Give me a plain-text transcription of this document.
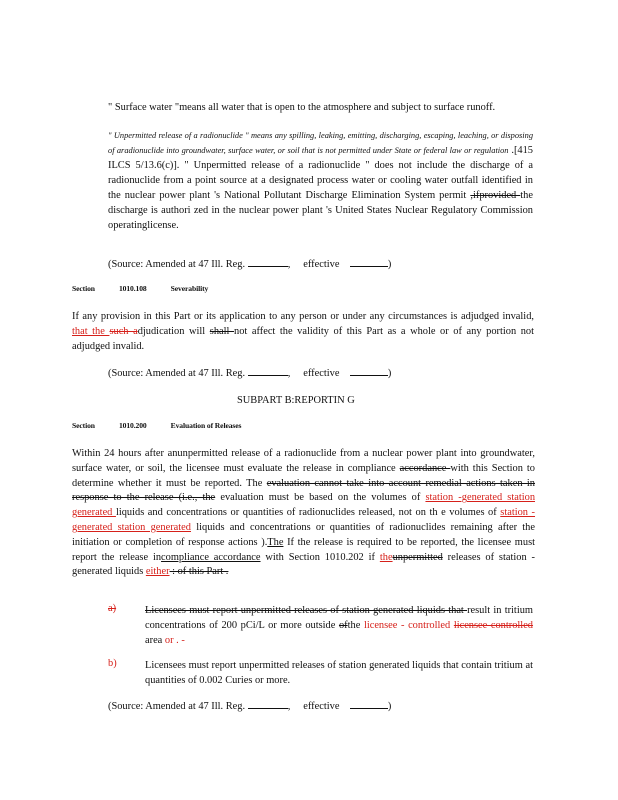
" Surface water "means all water that is open to the atmosphere and subject to surface runoff.
" Unpermitted release of a radionuclide " means any spilling, leaking, emitting, discharging, escaping, leaching, or disposing of aradionuclide into groundwater, surface water, or soil that is not permitted under State or federal law or regulation .[415 ILCS 5/13.6(c)]. " Unpermitted release of a radionuclide " does not include the discharge of a radionuclide from a point source at a designated process water or cooling water outfall identified in the nuclear power plant 's National Pollutant Discharge Elimination System permit ,ifprovided the discharge is authori zed in the nuclear power plant 's United States Nuclear Regulatory Commission operatinglicense.
(Source: Amended at 47 Ill. Reg.	,     effective	)
Section	1010.108	Severability
If any provision in this Part or its application to any person or under any circumstances is adjudged invalid, that the such adjudication will shall not affect the validity of this Part as a whole or of any portion not adjudged invalid.
(Source: Amended at 47 Ill. Reg.	,     effective	)
SUBPART B:REPORTIN G
Section	1010.200	Evaluation of Releases
Within 24 hours after anunpermitted release of a radionuclide from a nuclear power plant into groundwater, surface water, or soil, the licensee must evaluate the release in compliance accordance with this Section to determine whether it must be reported. The evaluation cannot take into account remedial actions taken in response to the release (i.e., the evaluation must be based on the volumes of station -generated station generated liquids and concentrations or quantities of radionuclides released, not on th e volumes of station - generated station generated liquids and concentrations or quantities of radionuclides remaining after the initiation or completion of response actions ).The If the release is required to be reported, the licensee must report the release incompliance accordance with Section 1010.202 if theunpermitted releases of station -generated liquids either : of this Part .
a)	Licensees must report unpermitted releases of station generated liquids that result in tritium concentrations of 200 pCi/L or more outside ofthe licensee - controlled licensee controlled area or . -
b)	Licensees must report unpermitted releases of station generated liquids that contain tritium at quantities of 0.002 Curies or more.
(Source: Amended at 47 Ill. Reg.	,     effective	)
